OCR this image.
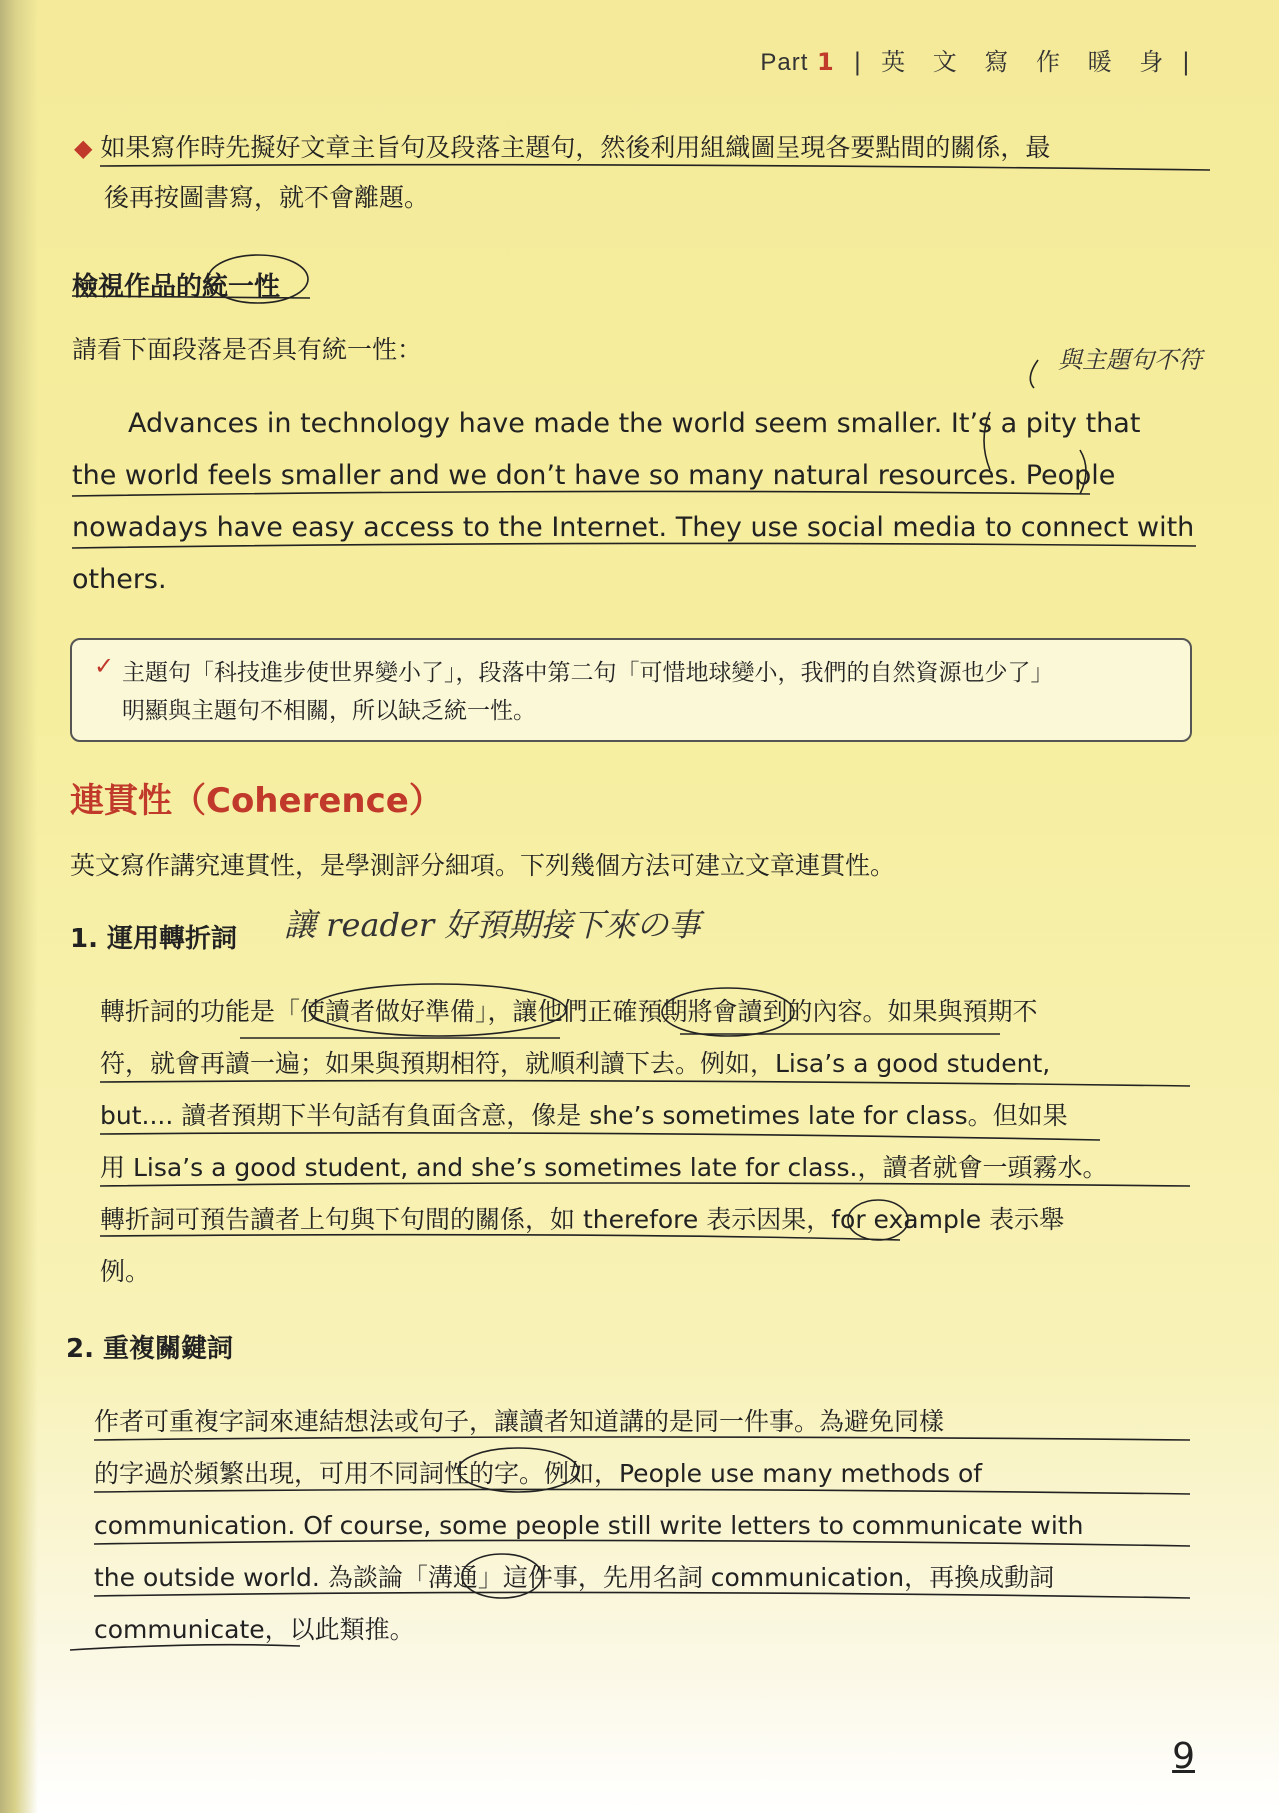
Part 1 | 英 文 寫 作 暖 身 |
◆ 如果寫作時先擬好文章主旨句及段落主題句，然後利用組織圖呈現各要點間的關係，最
後再按圖書寫，就不會離題。
檢視作品的統一性
請看下面段落是否具有統一性：	與主題句不符
Advances in technology have made the world seem smaller. It’s a pity that
the world feels smaller and we don’t have so many natural resources. People
nowadays have easy access to the Internet. They use social media to connect with
others.
✓ 主題句「科技進步使世界變小了」，段落中第二句「可惜地球變小，我們的自然資源也少了」
明顯與主題句不相關，所以缺乏統一性。
連貫性（Coherence）
英文寫作講究連貫性，是學測評分細項。下列幾個方法可建立文章連貫性。
1. 運用轉折詞 讓 reader 好預期接下來の事
轉折詞的功能是「使讀者做好準備」，讓他們正確預期將會讀到的內容。如果與預期不
符，就會再讀一遍；如果與預期相符，就順利讀下去。例如，Lisa’s a good student,
but.... 讀者預期下半句話有負面含意，像是 she’s sometimes late for class。但如果
用 Lisa’s a good student, and she’s sometimes late for class.，讀者就會一頭霧水。
轉折詞可預告讀者上句與下句間的關係，如 therefore 表示因果，for example 表示舉
例。
2. 重複關鍵詞
作者可重複字詞來連結想法或句子，讓讀者知道講的是同一件事。為避免同樣
的字過於頻繁出現，可用不同詞性的字。例如，People use many methods of
communication. Of course, some people still write letters to communicate with
the outside world. 為談論「溝通」這件事，先用名詞 communication，再換成動詞
communicate，以此類推。
9
